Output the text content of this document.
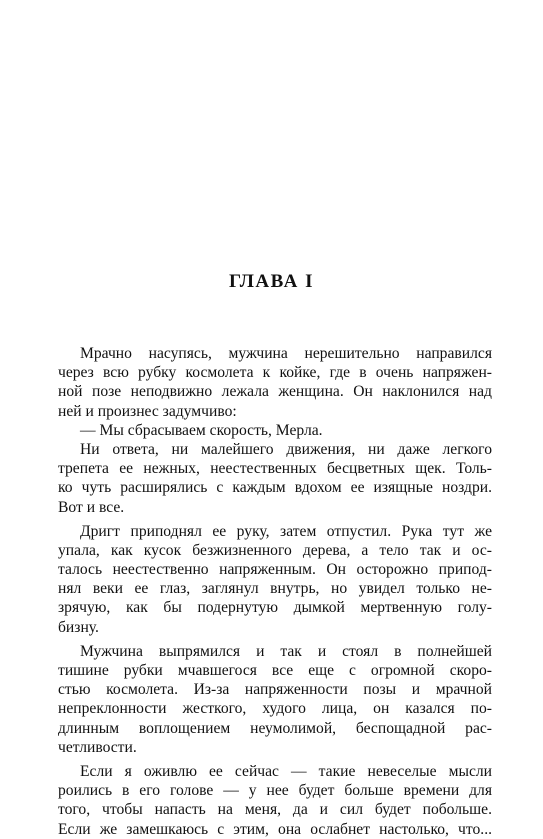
ГЛАВА I
Мрачно насупясь, мужчина нерешительно направился
через всю рубку космолета к койке, где в очень напряжен-
ной позе неподвижно лежала женщина. Он наклонился над
ней и произнес задумчиво:
— Мы сбрасываем скорость, Мерла.
Ни ответа, ни малейшего движения, ни даже легкого
трепета ее нежных, неестественных бесцветных щек. Толь-
ко чуть расширялись с каждым вдохом ее изящные ноздри.
Вот и все.
Дригт приподнял ее руку, затем отпустил. Рука тут же
упала, как кусок безжизненного дерева, а тело так и ос-
талось неестественно напряженным. Он осторожно припод-
нял веки ее глаз, заглянул внутрь, но увидел только не-
зрячую, как бы подернутую дымкой мертвенную голу-
бизну.
Мужчина выпрямился и так и стоял в полнейшей
тишине рубки мчавшегося все еще с огромной скоро-
стью космолета. Из-за напряженности позы и мрачной
непреклонности жесткого, худого лица, он казался по-
длинным воплощением неумолимой, беспощадной рас-
четливости.
Если я оживлю ее сейчас — такие невеселые мысли
роились в его голове — у нее будет больше времени для
того, чтобы напасть на меня, да и сил будет побольше.
Если же замешкаюсь с этим, она ослабнет настолько, что...
